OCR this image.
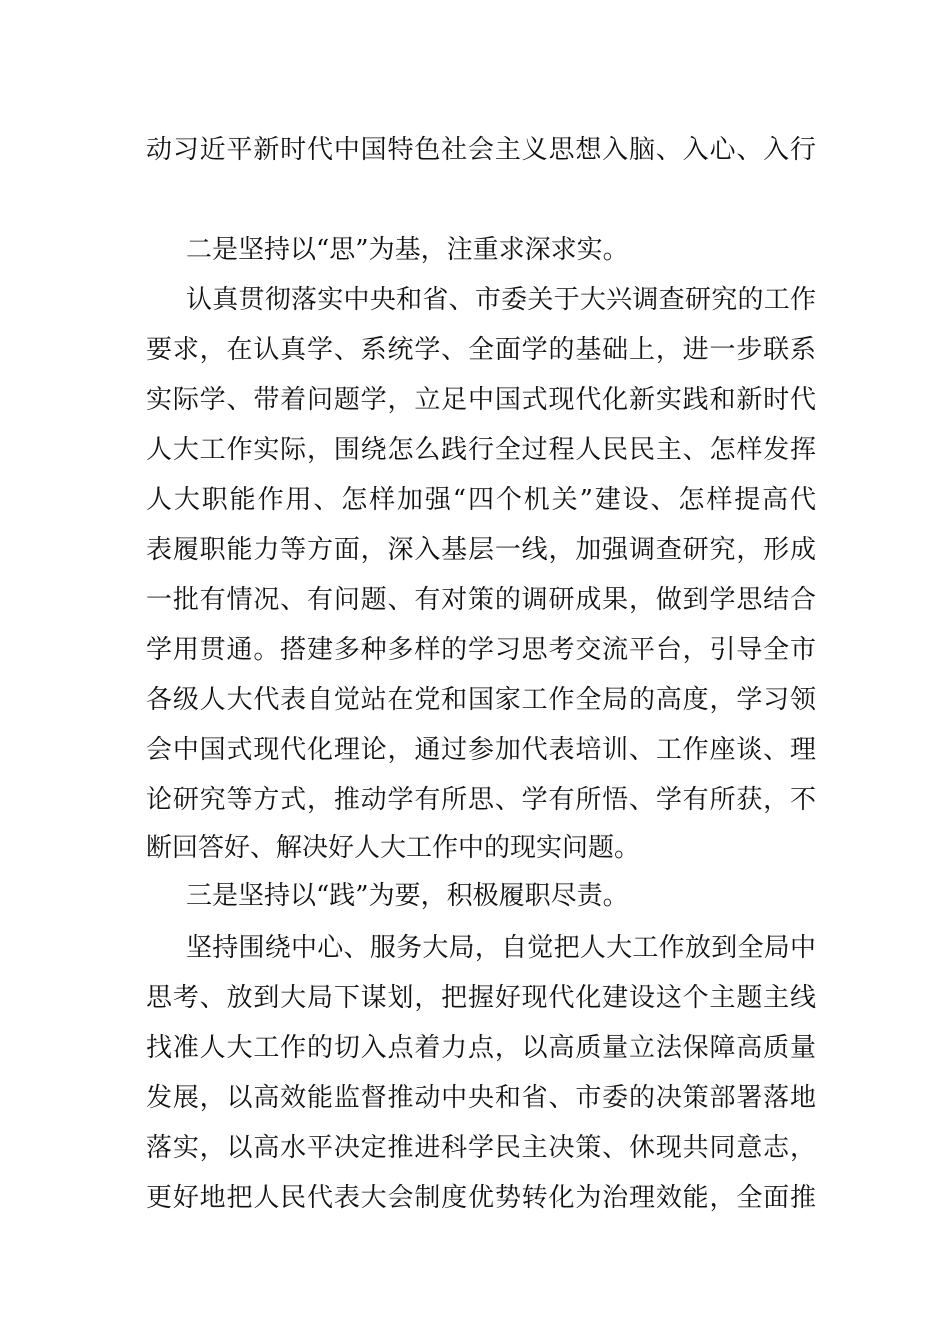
动习近平新时代中国特色社会主义思想入脑、入心、入行
二是坚持以“思”为基，注重求深求实。
认真贯彻落实中央和省、市委关于大兴调查研究的工作
要求，在认真学、系统学、全面学的基础上，进一步联系
实际学、带着问题学，立足中国式现代化新实践和新时代
人大工作实际，围绕怎么践行全过程人民民主、怎样发挥
人大职能作用、怎样加强“四个机关”建设、怎样提高代
表履职能力等方面，深入基层一线，加强调查研究，形成
一批有情况、有问题、有对策的调研成果，做到学思结合
学用贯通。搭建多种多样的学习思考交流平台，引导全市
各级人大代表自觉站在党和国家工作全局的高度，学习领
会中国式现代化理论，通过参加代表培训、工作座谈、理
论研究等方式，推动学有所思、学有所悟、学有所获，不
断回答好、解决好人大工作中的现实问题。
三是坚持以“践”为要，积极履职尽责。
坚持围绕中心、服务大局，自觉把人大工作放到全局中
思考、放到大局下谋划，把握好现代化建设这个主题主线
找准人大工作的切入点着力点，以高质量立法保障高质量
发展，以高效能监督推动中央和省、市委的决策部署落地
落实，以高水平决定推进科学民主决策、休现共同意志，
更好地把人民代表大会制度优势转化为治理效能，全面推
